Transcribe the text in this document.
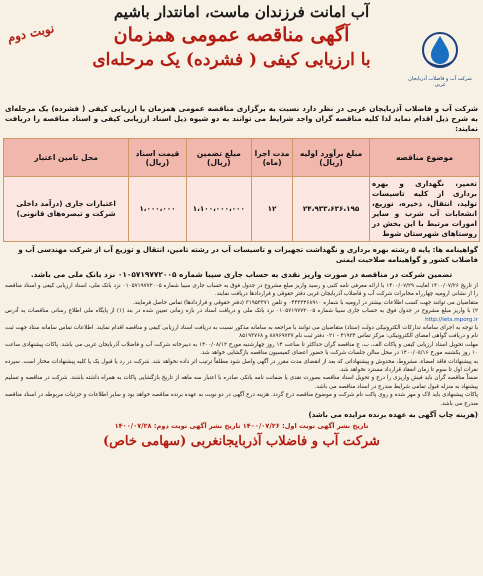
آب امانت فرزندان ماست، امانتدار باشیم
شرکت آب و فاضلاب آذربایجان غربی
آگهی مناقصه عمومی همزمان
با ارزیابی کیفی ( فشرده) یک مرحله‌ای
نوبت دوم
شرکت آب و فاضلاب آذربایجان غربی در نظر دارد نسبت به برگزاری مناقصه عمومی همزمان با ارزیابی کیفی ( فشرده) یک مرحله‌ای به شرح ذیل اقدام نماید لذا کلیه مناقصه گران واجد شرایط می توانند به دو شیوه ذیل اسناد ارزیابی کیفی و اسناد مناقصه را دریافت نمایند:
موضوع مناقصه	مبلغ برآورد اولیه (ریال)	مدت اجرا (ماه)	مبلغ تضمین (ریال)	قیمت اسناد (ریال)	محل تامین اعتبار
تعمیر، نگهداری و بهره برداری از کلیه تاسیسات تولید، انتقال، ذخیره، توزیع، انشعابات آب شرب و سایر امورات مرتبط با این بخش در روستاهای شهرستان شوط	۲۴،۹۳۳،۶۳۶،۱۹۵	۱۲	۱،۱۰۰،۰۰۰،۰۰۰	۱،۰۰۰،۰۰۰	اعتبارات جاری (درآمد داخلی شرکت و تبصره‌های قانونی)
گواهینامه ها: پایه ۵ رشته بهره برداری و نگهداشت تجهیزات و تاسیسات آب در رشته تامین، انتقال و توزیع آب از شرکت مهندسی آب و فاضلاب کشور و گواهینامه صلاحیت ایمنی
تضمین شرکت در مناقصه در صورت واریز نقدی به حساب جاری سیبا شماره ۰۱۰۵۷۱۹۷۷۲۰۰۵ نزد بانک ملی می باشد.

از تاریخ ۱۴۰۰/۰۷/۲۶ لغایت ۱۴۰۰/۰۷/۲۹ با ارائه معرفی نامه کتبی و رسید واریز مبلغ مشروح در جدول فوق به حساب جاری سیبا شماره ۰۱۰۵۷۱۹۷۷۲۰۰۵ نزد بانک ملی، اسناد ارزیابی کیفی و اسناد مناقصه را از نشانی ارومیه چهارراه مخابرات شرکت آب و فاضلاب آذربایجان غربی دفتر حقوقی و قراردادها دریافت نمایند.

متقاضیان می توانند جهت کسب اطلاعات بیشتر در ارومیه با شماره ۰۴۴۳۳۴۶۸۹۱۰ و تلفن ۳۱۹۵۳۳۷۱ (دفتر حقوقی و قراردادها) تماس حاصل فرمایند.

۲) با واریز مبلغ مشروح در جدول فوق به حساب جاری سیبا شماره ۰۱۰۵۷۱۹۷۷۲۰۰۵ نزد بانک ملی و دریافت اسناد در بازه زمانی تعیین شده در بند (۱) از پایگاه ملی اطلاع رسانی مناقصات به آدرس http://iets.mporg.ir

با توجه به اجرای سامانه تدارکات الکترونیکی دولت (ستاد) متقاضیان می توانند با مراجعه به سامانه مذکور نسبت به دریافت اسناد ارزیابی کیفی و مناقصه اقدام نمایند. اطلاعات تماس سامانه ستاد جهت ثبت نام و دریافت گواهی امضای الکترونیکی: مرکز تماس ۴۱۹۳۴ - ۰۲۱ دفتر ثبت نام ۸۸۹۶۹۷۳۷ و ۸۵۱۹۳۷۶۸

مهلت تحویل اسناد ارزیابی کیفی و پاکات الف، ب، ج مناقصه گران حداکثر تا ساعت ۱۴ روز چهارشنبه مورخ ۱۴۰۰/۰۸/۱۲ به دبیرخانه شرکت آب و فاضلاب آذربایجان غربی می باشد. پاکات پیشنهادی ساعت ۱۰ روز یکشنبه مورخ ۱۴۰۰/۰۸/۱۶ در محل سالن جلسات شرکت با حضور اعضای کمیسیون مناقصه بازگشایی خواهد شد.

به پیشنهادات فاقد امضاء، مشروط، مخدوش و پیشنهاداتی که بعد از انقضای مدت مقرر در آگهی واصل شود مطلقاً ترتیب اثر داده نخواهد شد. شرکت در رد یا قبول یک یا کلیه پیشنهادات مختار است. سپرده نفرات اول تا سوم تا زمان انعقاد قرارداد مسترد نخواهد شد.

ضمناً مناقصه گران باید فیش واریزی را درج و تحویل اسناد مناقصه بصورت نقدی یا ضمانت نامه بانکی صادره با اعتبار سه ماهه از تاریخ بازگشایی پاکات به همراه داشته باشند. شرکت در مناقصه و تسلیم پیشنهاد به منزله قبول تمامی شرایط مندرج در اسناد مناقصه می باشد.

پاکات پیشنهادی باید لاک و مهر شده و روی پاکت نام شرکت و موضوع مناقصه درج گردد. هزینه درج آگهی در دو نوبت به عهده برنده مناقصه خواهد بود و سایر اطلاعات و جزئیات مربوطه در اسناد مناقصه مندرج می باشد.

(هزینه چاپ آگهی به عهده برنده مزایده می باشد)
تاریخ نشر آگهی نوبت اول: ۱۴۰۰/۰۷/۲۶ تاریخ نشر آگهی نوبت دوم: ۱۴۰۰/۰۷/۲۸
شرکت آب و فاضلاب آذربایجانغربی (سهامی خاص)
